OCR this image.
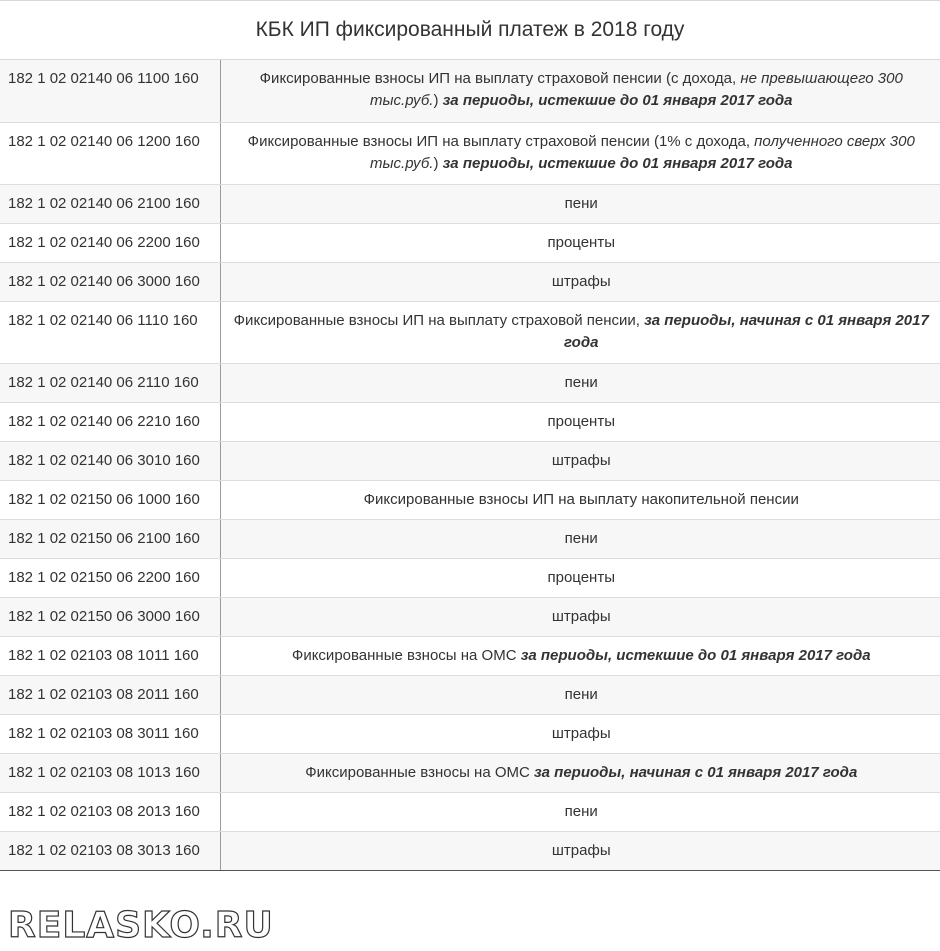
КБК ИП фиксированный платеж в 2018 году
182 1 02 02140 06 1100 160	Фиксированные взносы ИП на выплату страховой пенсии (с дохода, не превышающего 300 тыс.руб.) за периоды, истекшие до 01 января 2017 года
182 1 02 02140 06 1200 160	Фиксированные взносы ИП на выплату страховой пенсии (1% с дохода, полученного сверх 300 тыс.руб.) за периоды, истекшие до 01 января 2017 года
182 1 02 02140 06 2100 160	пени
182 1 02 02140 06 2200 160	проценты
182 1 02 02140 06 3000 160	штрафы
182 1 02 02140 06 1110 160	Фиксированные взносы ИП на выплату страховой пенсии, за периоды, начиная с 01 января 2017 года
182 1 02 02140 06 2110 160	пени
182 1 02 02140 06 2210 160	проценты
182 1 02 02140 06 3010 160	штрафы
182 1 02 02150 06 1000 160	Фиксированные взносы ИП на выплату накопительной пенсии
182 1 02 02150 06 2100 160	пени
182 1 02 02150 06 2200 160	проценты
182 1 02 02150 06 3000 160	штрафы
182 1 02 02103 08 1011 160	Фиксированные взносы на ОМС за периоды, истекшие до 01 января 2017 года
182 1 02 02103 08 2011 160	пени
182 1 02 02103 08 3011 160	штрафы
182 1 02 02103 08 1013 160	Фиксированные взносы на ОМС за периоды, начиная с 01 января 2017 года
182 1 02 02103 08 2013 160	пени
182 1 02 02103 08 3013 160	штрафы
RELASKO.RU
